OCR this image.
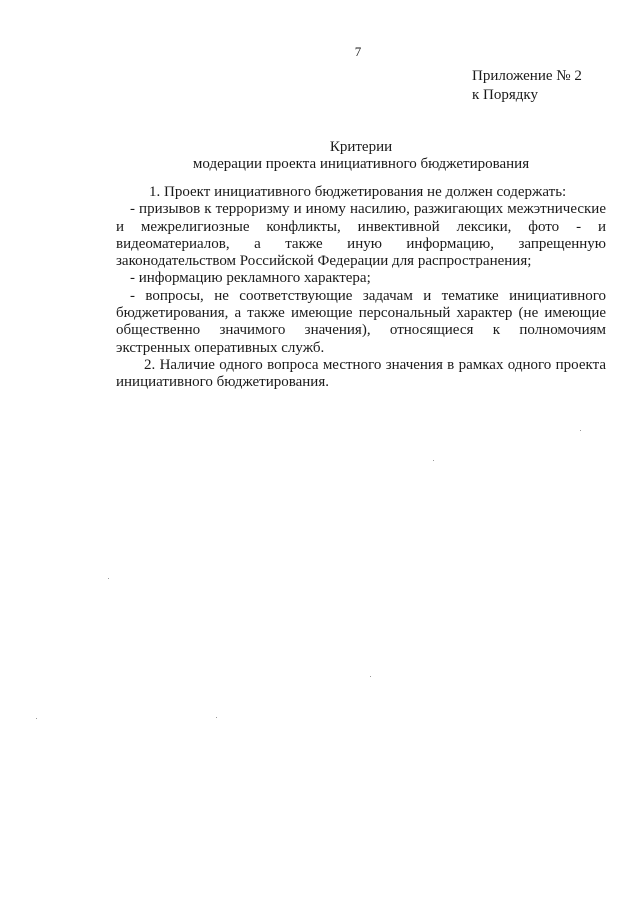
7
Приложение № 2
к Порядку
Критерии
модерации проекта инициативного бюджетирования

1. Проект инициативного бюджетирования не должен содержать:

- призывов к терроризму и иному насилию, разжигающих межэтнические и межрелигиозные конфликты, инвективной лексики, фото - и видеоматериалов, а также иную информацию, запрещенную законодательством Российской Федерации для распространения;

- информацию рекламного характера;

- вопросы, не соответствующие задачам и тематике инициативного бюджетирования, а также имеющие персональный характер (не имеющие общественно значимого значения), относящиеся к полномочиям экстренных оперативных служб.

2. Наличие одного вопроса местного значения в рамках одного проекта инициативного бюджетирования.
